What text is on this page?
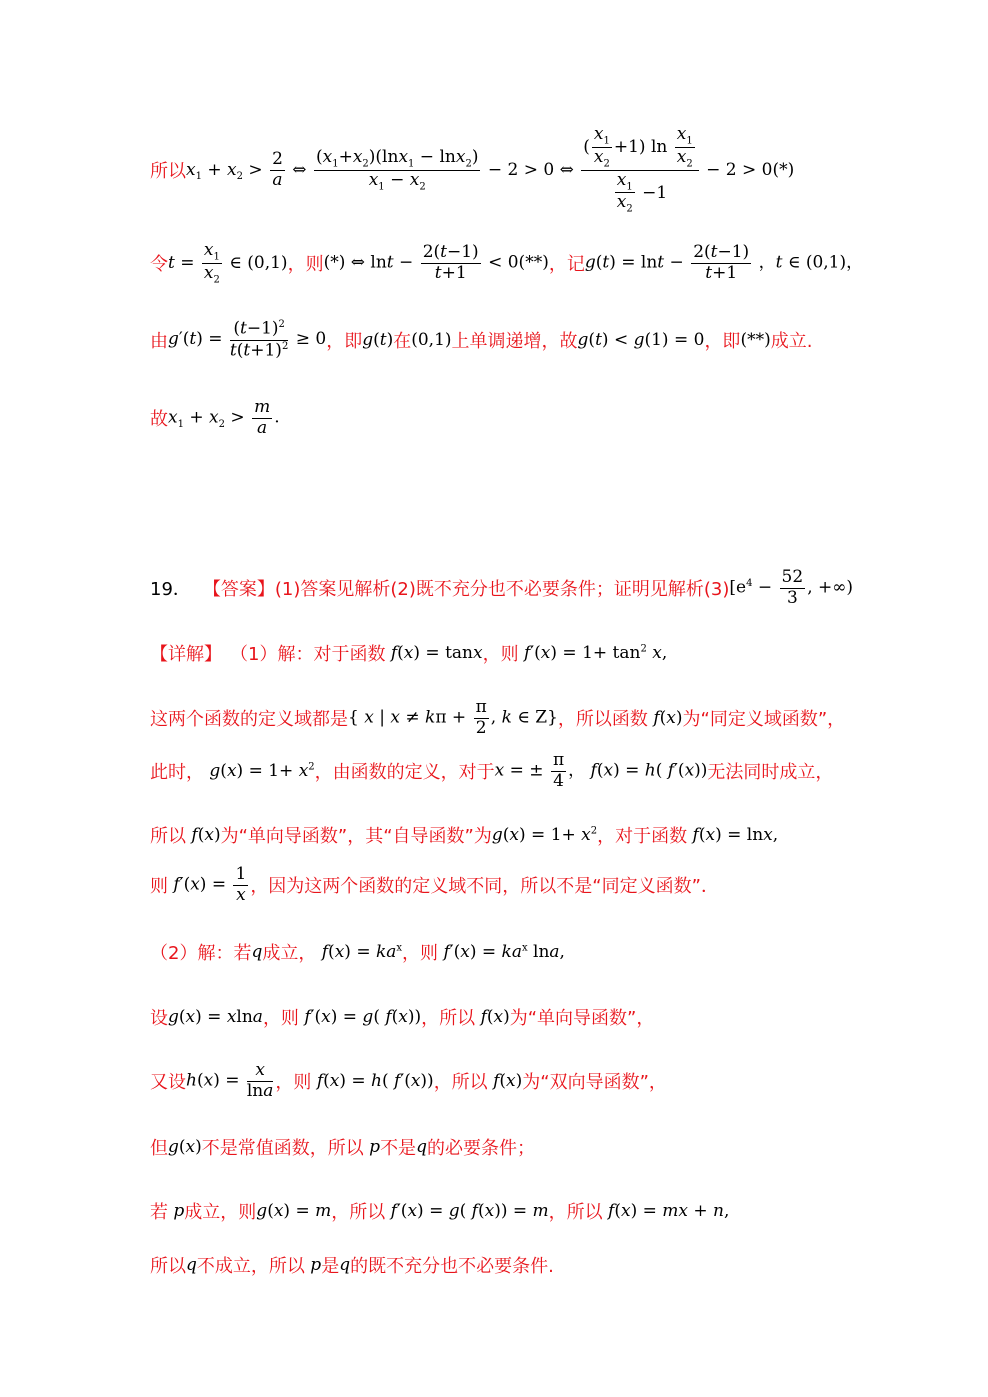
所以 $x_1 + x_2 > \frac{2}{a}$ ⇔ $\frac{(x_1+x_2)(\ln x_1 - \ln x_2)}{x_1 - x_2} - 2 > 0$ ⇔ $\frac{( \frac{x_1}{x_2} +1) \ln \frac{x_1}{x_2}}{\frac{x_1}{x_2} -1} - 2 > 0(*)$
令 $t = \frac{x_1}{x_2}$ ∈ (0,1) ，则 (*) ⇔ $\ln t - \frac{2(t-1)}{t+1} < 0(**)$ ，记 $g(t) = \ln t - \frac{2(t-1)}{t+1}$ ，t ∈ (0,1)，
由 $g'(t) = \frac{(t-1)^2}{t(t+1)^2} \ge 0$ ，即 g(t) 在 (0,1) 上单调递增，故 g(t) < g(1) = 0 ，即 (**) 成立.
故 $x_1 + x_2 > \frac{m}{a}$ .
19． 【答案】(1)答案见解析(2)既不充分也不必要条件；证明见解析(3) [$e^4 - \frac{52}{3}$ , +∞)
【详解】 （1）解：对于函数 f(x) = tanx ，则 $f'(x) = 1+ \tan^2 x$,
这两个函数的定义域都是 { x | $x \ne k\pi + \frac{\pi}{2}$ , k ∈ Z} ，所以函数 f(x) 为“同定义域函数”，
此时， $g(x) = 1+ x^2$ ，由函数的定义，对于 x = ± $\frac{\pi}{4}$ ， f(x) = h( f′(x)) 无法同时成立，
所以 f(x) 为“单向导函数”，其“自导函数”为 $g(x) = 1+ x^2$ ，对于函数 f(x) = lnx,
则 $f'(x) = \frac{1}{x}$ ，因为这两个函数的定义域不同，所以不是“同定义函数”．
（2）解：若 q 成立， $f(x) = ka^x$ ，则 $f'(x) = ka^x$ lna,
设 g(x) = xlna ，则 f′(x) = g( f(x)) ，所以 f(x) 为“单向导函数”，
又设 $h(x) = \frac{x}{\ln a}$ ，则 f(x) = h( f′(x)) ，所以 f(x) 为“双向导函数”，
但 g(x) 不是常值函数，所以 p 不是 q 的必要条件；
若 p 成立，则 g(x) = m ，所以 f′(x) = g( f(x)) = m ，所以 f(x) = mx + n,
所以 q 不成立，所以 p 是 q 的既不充分也不必要条件.
